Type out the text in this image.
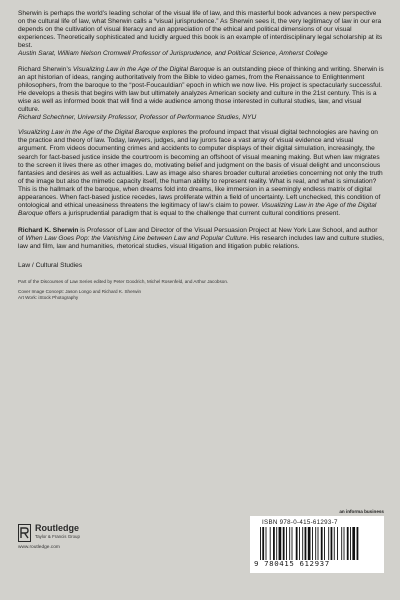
Sherwin is perhaps the world’s leading scholar of the visual life of law, and this masterful book advances a new perspective on the cultural life of law, what Sherwin calls a “visual jurisprudence.” As Sherwin sees it, the very legitimacy of law in our era depends on the cultivation of visual literacy and an appreciation of the ethical and political dimensions of our visual experiences. Theoretically sophisticated and lucidly argued this book is an example of interdisciplinary legal scholarship at its best.

Austin Sarat, William Nelson Cromwell Professor of Jurisprudence, and Political Science, Amherst College

Richard Sherwin’s Visualizing Law in the Age of the Digital Baroque is an outstanding piece of thinking and writing. Sherwin is an apt historian of ideas, ranging authoritatively from the Bible to video games, from the Renaissance to Enlightenment philosophers, from the baroque to the “post-Foucauldian” epoch in which we now live. His project is spectacularly successful. He develops a thesis that begins with law but ultimately analyzes American society and culture in the 21st century. This is a wise as well as informed book that will find a wide audience among those interested in cultural studies, law, and visual culture.

Richard Schechner, University Professor, Professor of Performance Studies, NYU

Visualizing Law in the Age of the Digital Baroque explores the profound impact that visual digital technologies are having on the practice and theory of law. Today, lawyers, judges, and lay jurors face a vast array of visual evidence and visual argument. From videos documenting crimes and accidents to computer displays of their digital simulation, increasingly, the search for fact-based justice inside the courtroom is becoming an offshoot of visual meaning making. But when law migrates to the screen it lives there as other images do, motivating belief and judgment on the basis of visual delight and unconscious fantasies and desires as well as actualities. Law as image also shares broader cultural anxieties concerning not only the truth of the image but also the mimetic capacity itself, the human ability to represent reality. What is real, and what is simulation? This is the hallmark of the baroque, when dreams fold into dreams, like immersion in a seemingly endless matrix of digital appearances. When fact-based justice recedes, laws proliferate within a field of uncertainty. Left unchecked, this condition of ontological and ethical uneasiness threatens the legitimacy of law’s claim to power. Visualizing Law in the Age of the Digital Baroque offers a jurisprudential paradigm that is equal to the challenge that current cultural conditions present.

Richard K. Sherwin is Professor of Law and Director of the Visual Persuasion Project at New York Law School, and author of When Law Goes Pop: the Vanishing Line between Law and Popular Culture. His research includes law and culture studies, law and film, law and humanities, rhetorical studies, visual litigation and litigation public relations.

Law / Cultural Studies

Part of the Discourses of Law Series edited by Peter Goodrich, Michel Rosenfeld, and Arthur Jacobson.

Cover Image Concept: Jason Longo and Richard K. Sherwin

Art Work: iStock Photography

Routledge
Taylor & Francis Group
www.routledge.com
an informa business
ISBN 978-0-415-61293-7
9 780415 612937
